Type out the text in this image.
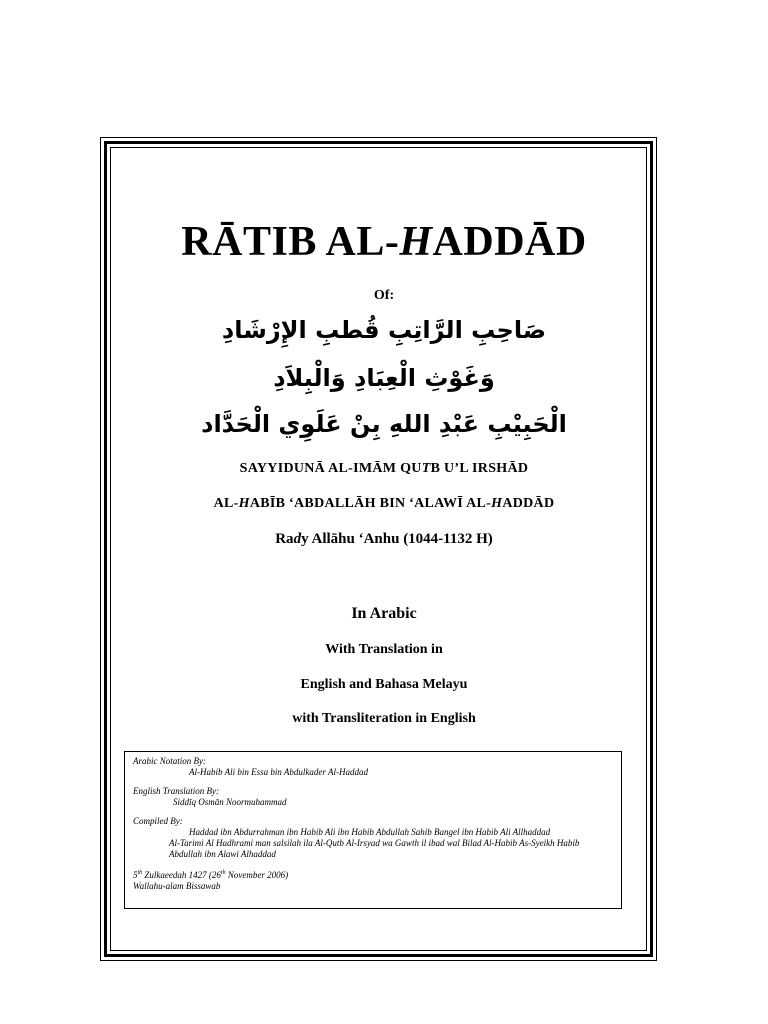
RĀTIB AL-HADDĀD
Of:
صَاحِبِ الرَّاتِبِ قُطبِ الإِرْشَادِ
وَغَوْثِ الْعِبَادِ وَالْبِلاَدِ
الْحَبِيْبِ عَبْدِ اللهِ بِنْ عَلَوِي الْحَدَّاد
SAYYIDUNĀ AL-IMĀM QUTB U’L IRSHĀD
AL-HABĪB ‘ABDALLĀH BIN ‘ALAWĪ AL-HADDĀD
Rady Allāhu ‘Anhu (1044-1132 H)
In Arabic
With Translation in
English and Bahasa Melayu
with Transliteration in English
Arabic Notation By:
Al-Habib Ali bin Essa bin Abdulkader Al-Haddad
English Translation By:
Siddīq Osmān Noormuhammad
Compiled By:
Haddad ibn Abdurrahman ibn Habib Ali ibn Habib Abdullah Sahib Bangel ibn Habib Ali Allhaddad
Al-Tarimi Al Hadhrami man salsilah ila Al-Qutb Al-Irsyad wa Gawth il ibad wal Bilad Al-Habib As-Syeikh Habib Abdullah ibn Alawi Alhaddad
5th Zulkaeedah 1427 (26th November 2006)
Wallahu-alam Bissawab
